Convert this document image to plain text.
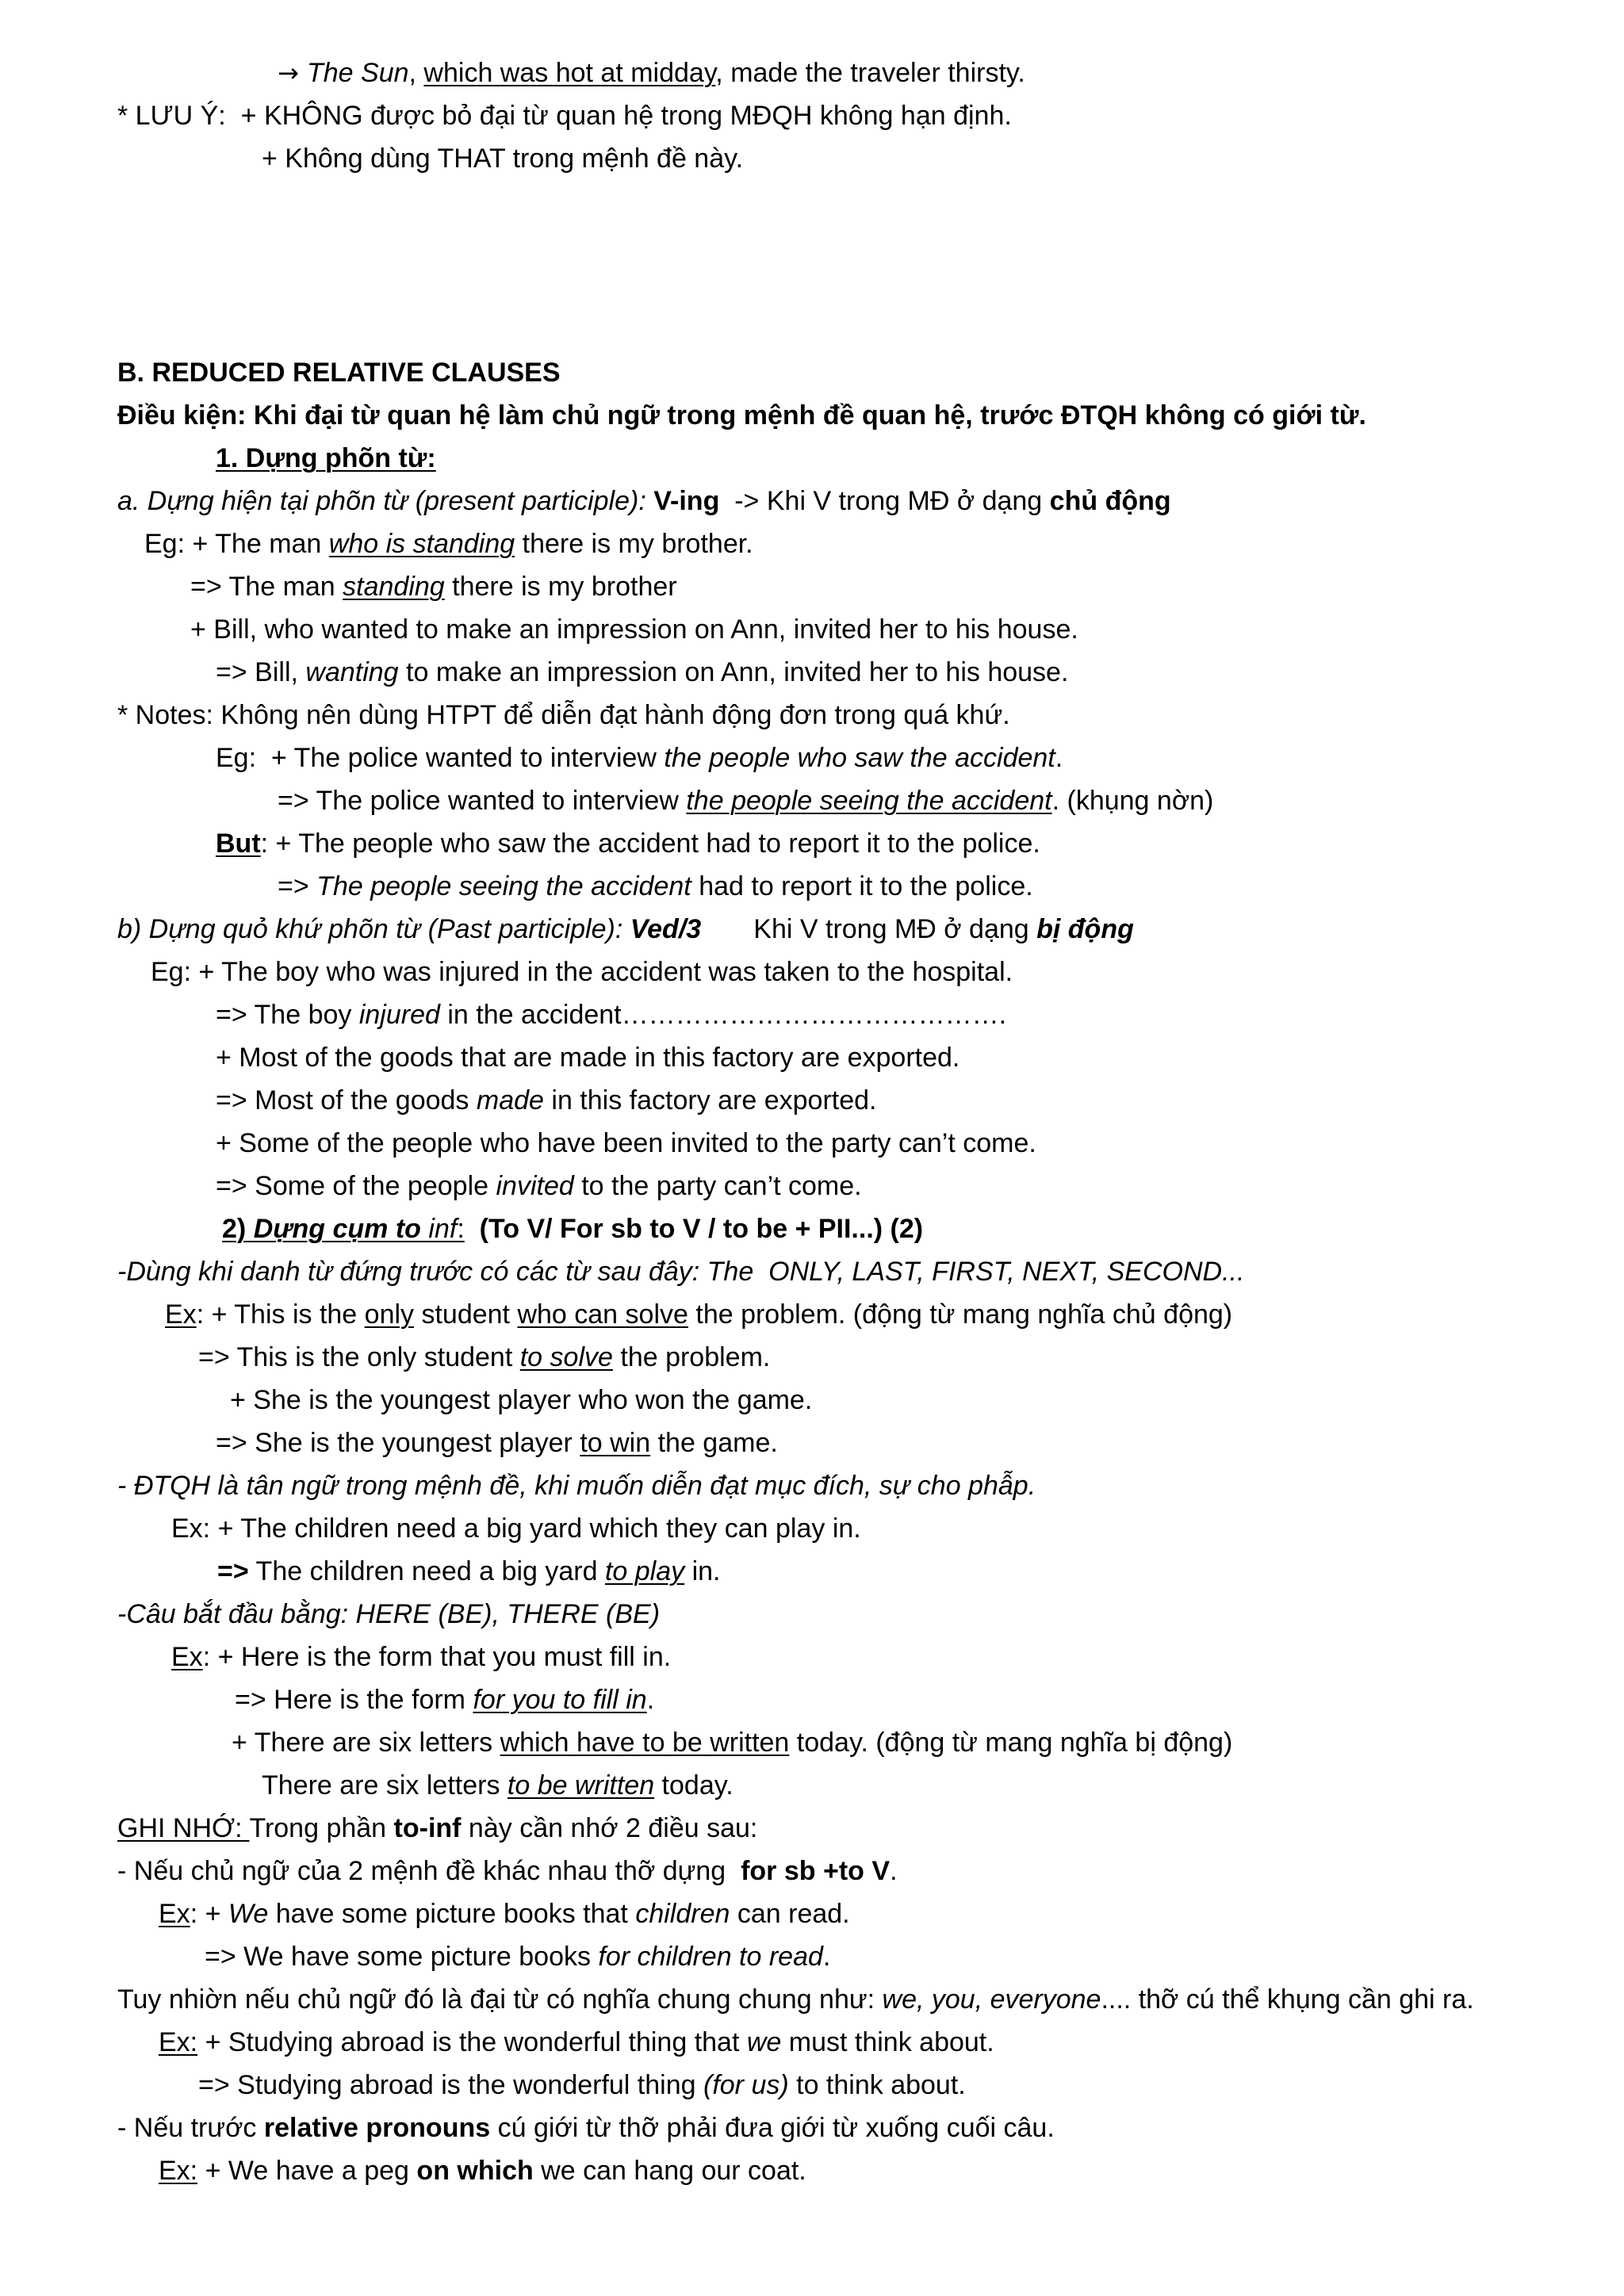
→ The Sun, which was hot at midday, made the traveler thirsty.
* LƯU Ý:  + KHÔNG được bỏ đại từ quan hệ trong MĐQH không hạn định.
+ Không dùng THAT trong mệnh đề này.
B. REDUCED RELATIVE CLAUSES
Điều kiện: Khi đại từ quan hệ làm chủ ngữ trong mệnh đề quan hệ, trước ĐTQH không có giới từ.
1. Dựng phõn từ:
a. Dựng hiện tại phõn từ (present participle): V-ing  -> Khi V trong MĐ ở dạng chủ động
Eg: + The man who is standing there is my brother.
=> The man standing there is my brother
+ Bill, who wanted to make an impression on Ann, invited her to his house.
=> Bill, wanting to make an impression on Ann, invited her to his house.
* Notes: Không nên dùng HTPT để diễn đạt hành động đơn trong quá khứ.
Eg:  + The police wanted to interview the people who saw the accident.
=> The police wanted to interview the people seeing the accident. (khụng nờn)
But: + The people who saw the accident had to report it to the police.
=> The people seeing the accident had to report it to the police.
b) Dựng quỏ khứ phõn từ (Past participle): Ved/3       Khi V trong MĐ ở dạng bị động
Eg: + The boy who was injured in the accident was taken to the hospital.
=> The boy injured in the accident…………………………………….
+ Most of the goods that are made in this factory are exported.
=> Most of the goods made in this factory are exported.
+ Some of the people who have been invited to the party can’t come.
=> Some of the people invited to the party can’t come.
2) Dựng cụm to inf:  (To V/ For sb to V / to be + PII...) (2)
-Dùng khi danh từ đứng trước có các từ sau đây: The  ONLY, LAST, FIRST, NEXT, SECOND...
Ex: + This is the only student who can solve the problem. (động từ mang nghĩa chủ động)
=> This is the only student to solve the problem.
+ She is the youngest player who won the game.
=> She is the youngest player to win the game.
- ĐTQH là tân ngữ trong mệnh đề, khi muốn diễn đạt mục đích, sự cho phẫp.
Ex: + The children need a big yard which they can play in.
=> The children need a big yard to play in.
-Câu bắt đầu bằng: HERE (BE), THERE (BE)
Ex: + Here is the form that you must fill in.
=> Here is the form for you to fill in.
+ There are six letters which have to be written today. (động từ mang nghĩa bị động)
There are six letters to be written today.
GHI NHỚ: Trong phần to-inf này cần nhớ 2 điều sau:
- Nếu chủ ngữ của 2 mệnh đề khác nhau thỡ dựng  for sb +to V.
Ex: + We have some picture books that children can read.
=> We have some picture books for children to read.
Tuy nhiờn nếu chủ ngữ đó là đại từ có nghĩa chung chung như: we, you, everyone.... thỡ cú thể khụng cần ghi ra.
Ex: + Studying abroad is the wonderful thing that we must think about.
=> Studying abroad is the wonderful thing (for us) to think about.
- Nếu trước relative pronouns cú giới từ thỡ phải đưa giới từ xuống cuối câu.
Ex: + We have a peg on which we can hang our coat.
